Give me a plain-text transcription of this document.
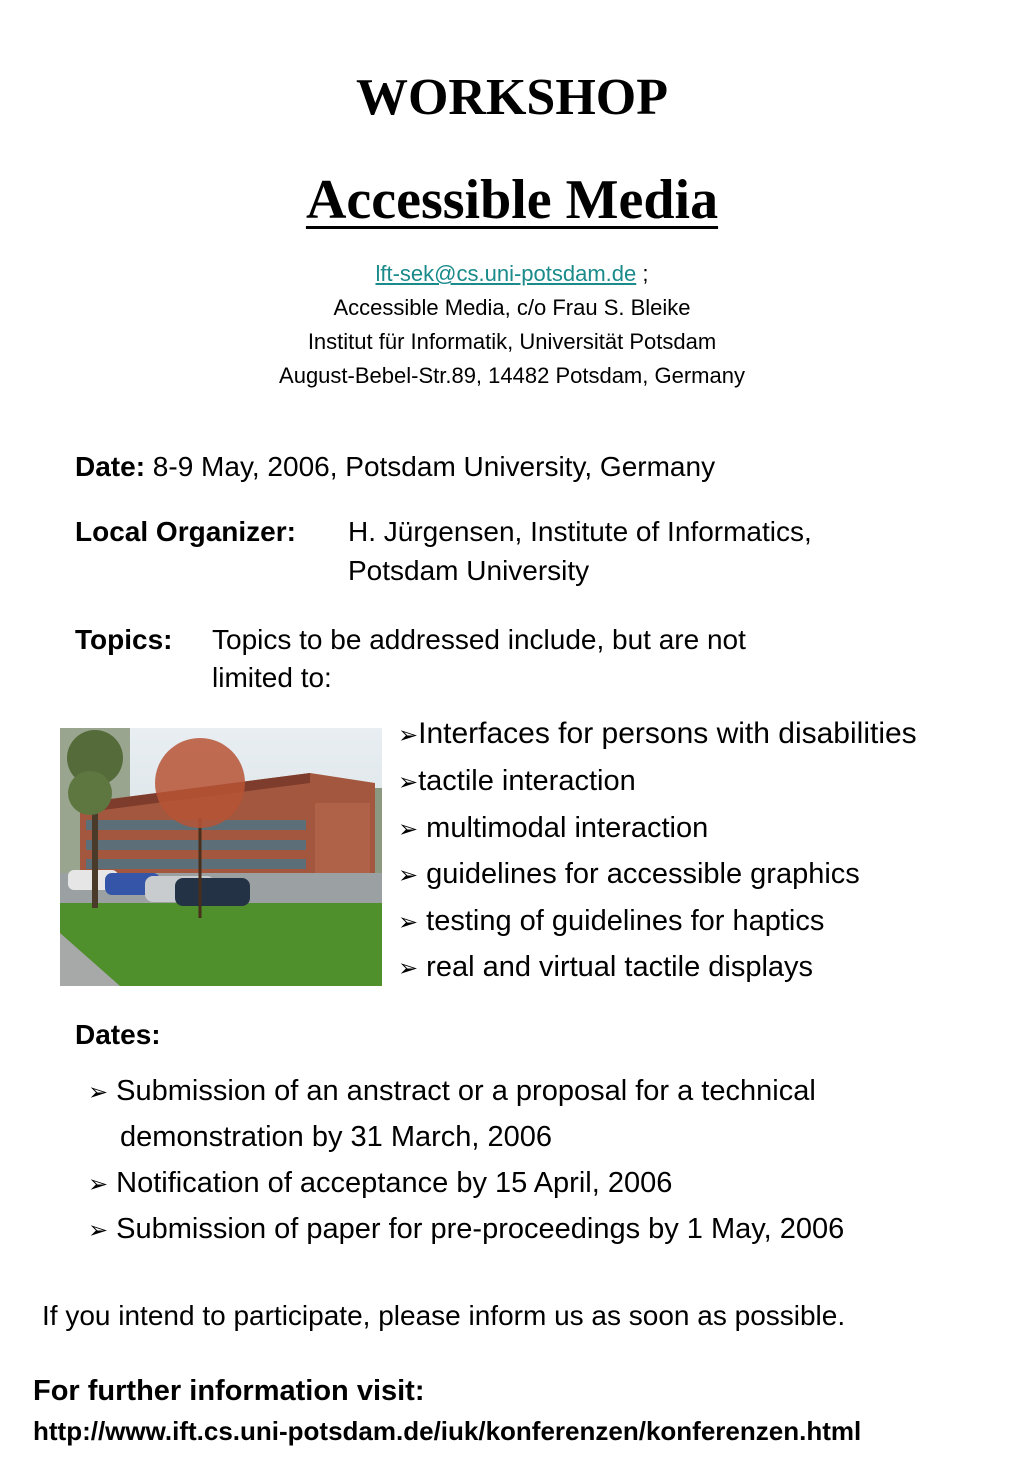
WORKSHOP
Accessible Media
lft-sek@cs.uni-potsdam.de ;
Accessible Media, c/o Frau S. Bleike
Institut für Informatik, Universität Potsdam
August-Bebel-Str.89, 14482 Potsdam, Germany
Date: 8-9 May, 2006, Potsdam University, Germany
Local Organizer: H. Jürgensen, Institute of Informatics,
Potsdam University
Topics: Topics to be addressed include, but are not
limited to:
➢Interfaces for persons with disabilities
➢tactile interaction
➢ multimodal interaction
➢ guidelines for accessible graphics
➢ testing of guidelines for haptics
➢ real and virtual tactile displays
Dates:
➢ Submission of an anstract or a proposal for a technical
demonstration by 31 March, 2006
➢ Notification of acceptance by 15 April, 2006
➢ Submission of paper for pre-proceedings by 1 May, 2006
If you intend to participate, please inform us as soon as possible.
For further information visit:
http://www.ift.cs.uni-potsdam.de/iuk/konferenzen/konferenzen.html
